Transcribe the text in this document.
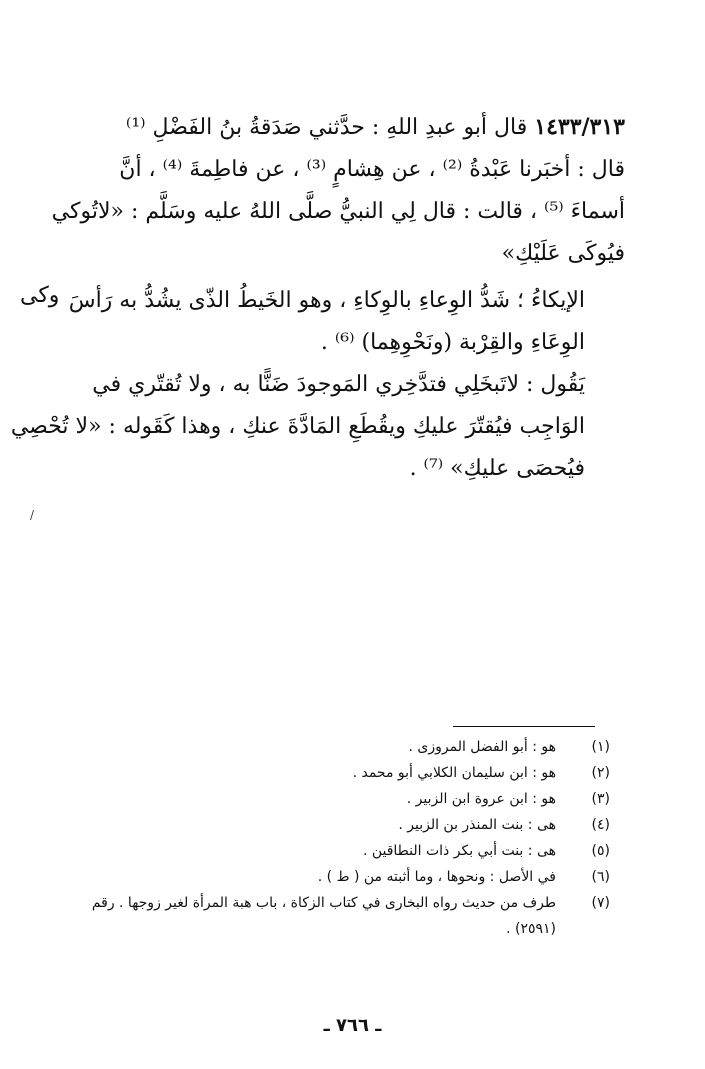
١٤٣٣/٣١٣ قال أبو عبدِ اللهِ : حدَّثني صَدَقةُ بنُ الفَضْلِ ⁽¹⁾
قال : أخبَرنا عَبْدةُ ⁽²⁾ ، عن هِشامٍ ⁽³⁾ ، عن فاطِمةَ ⁽⁴⁾ ، أنَّ
أسماءَ ⁽⁵⁾ ، قالت : قال لِي النبيُّ صلَّى اللهُ عليه وسَلَّم : «لاتُوكي
فيُوكَى عَلَيْكِ»
وكى الإيكاءُ ؛ شَدُّ الوِعاءِ بالوِكاءِ ، وهو الخَيطُ الذّى يشُدُّ به رَأسَ
الوِعَاءِ والقِرْبة (ونَحْوِهِما) ⁽⁶⁾ .
يَقُول : لاتَبخَلِي فتدَّخِري المَوجودَ ضَنًّا به ، ولا تُقتّري في
الوَاجِب فيُقتّرَ عليكِ ويقُطَعِ المَادَّةَ عنكِ ، وهذا كَقَوله : «لا تُحْصِي
فيُحصَى عليكِ» ⁽⁷⁾ .
/
(١)
هو : أبو الفضل المروزى .
(٢)
هو : ابن سليمان الكلابي أبو محمد .
(٣)
هو : ابن عروة ابن الزبير .
(٤)
هى : بنت المنذر بن الزبير .
(٥)
هى : بنت أبي بكر ذات النطاقين .
(٦)
في الأصل : ونحوها ، وما أثبته من ( ط ) .
(٧)
طرف من حديث رواه البخارى في كتاب الزكاة ، باب هبة المرأة لغير زوجها . رقم (٢٥٩١) .
ـ ٧٦٦ ـ
